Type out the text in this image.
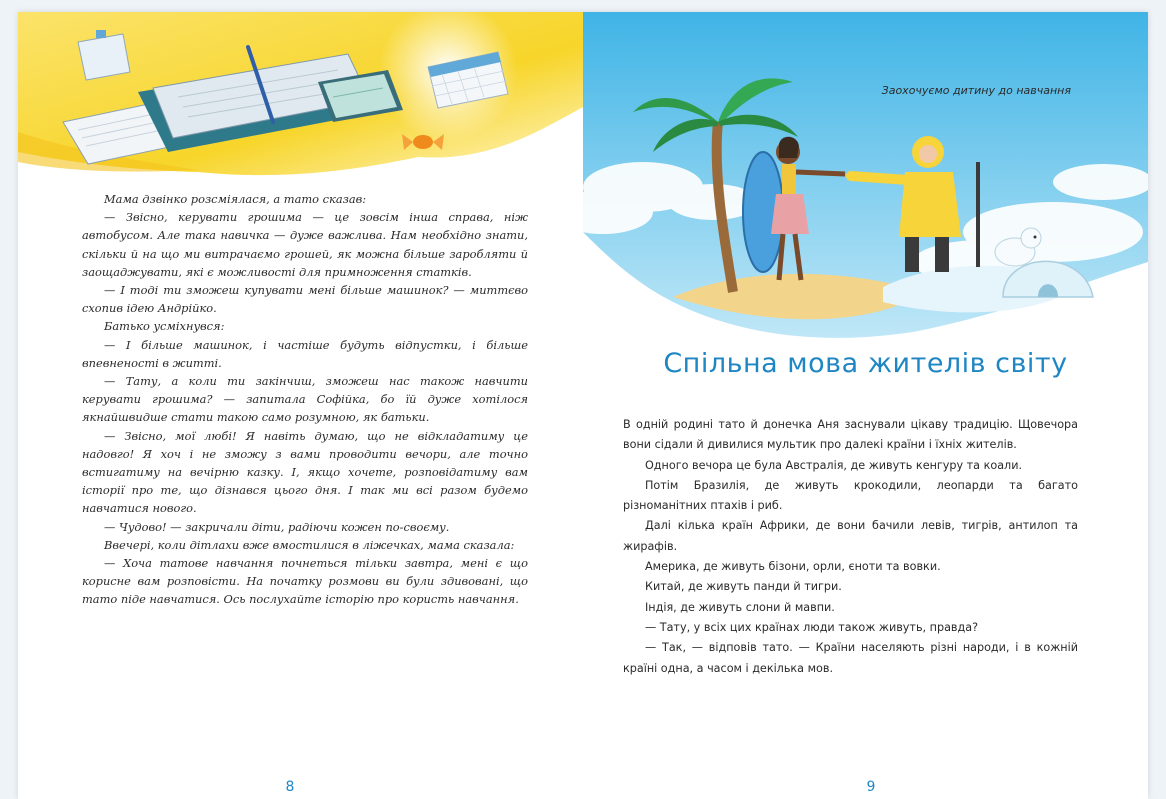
Мама дзвінко розсміялася, а тато сказав:

— Звісно, керувати грошима — це зовсім інша справа, ніж автобусом. Але така навичка — дуже важлива. Нам необхідно знати, скільки й на що ми витрачаємо грошей, як можна більше заробляти й заощаджувати, які є можливості для примноження статків.

— І тоді ти зможеш купувати мені більше машинок? — миттєво схопив ідею Андрійко.

Батько усміхнувся:

— І більше машинок, і частіше будуть відпустки, і більше впевненості в житті.

— Тату, а коли ти закінчиш, зможеш нас також навчити керувати грошима? — запитала Софійка, бо їй дуже хотілося якнайшвидше стати такою само розумною, як батьки.

— Звісно, мої любі! Я навіть думаю, що не відкладатиму це надовго! Я хоч і не зможу з вами проводити вечори, але точно встигатиму на вечірню казку. І, якщо хочете, розповідатиму вам історії про те, що дізнався цього дня. І так ми всі разом будемо навчатися нового.

— Чудово! — закричали діти, радіючи кожен по-своєму.

Ввечері, коли дітлахи вже вмостилися в ліжечках, мама сказала:

— Хоча татове навчання почнеться тільки завтра, мені є що корисне вам розповісти. На початку розмови ви були здивовані, що тато піде навчатися. Ось послухайте історію про користь навчання.

8
Заохочуємо дитину до навчання
Спільна мова жителів світу

В одній родині тато й донечка Аня заснували цікаву традицію. Щовечора вони сідали й дивилися мультик про далекі країни і їхніх жителів.

Одного вечора це була Австралія, де живуть кенгуру та коали.

Потім Бразилія, де живуть крокодили, леопарди та багато різноманітних птахів і риб.

Далі кілька країн Африки, де вони бачили левів, тигрів, антилоп та жирафів.

Америка, де живуть бізони, орли, єноти та вовки.

Китай, де живуть панди й тигри.

Індія, де живуть слони й мавпи.

— Тату, у всіх цих країнах люди також живуть, правда?

— Так, — відповів тато. — Країни населяють різні народи, і в кожній країні одна, а часом і декілька мов.

9
